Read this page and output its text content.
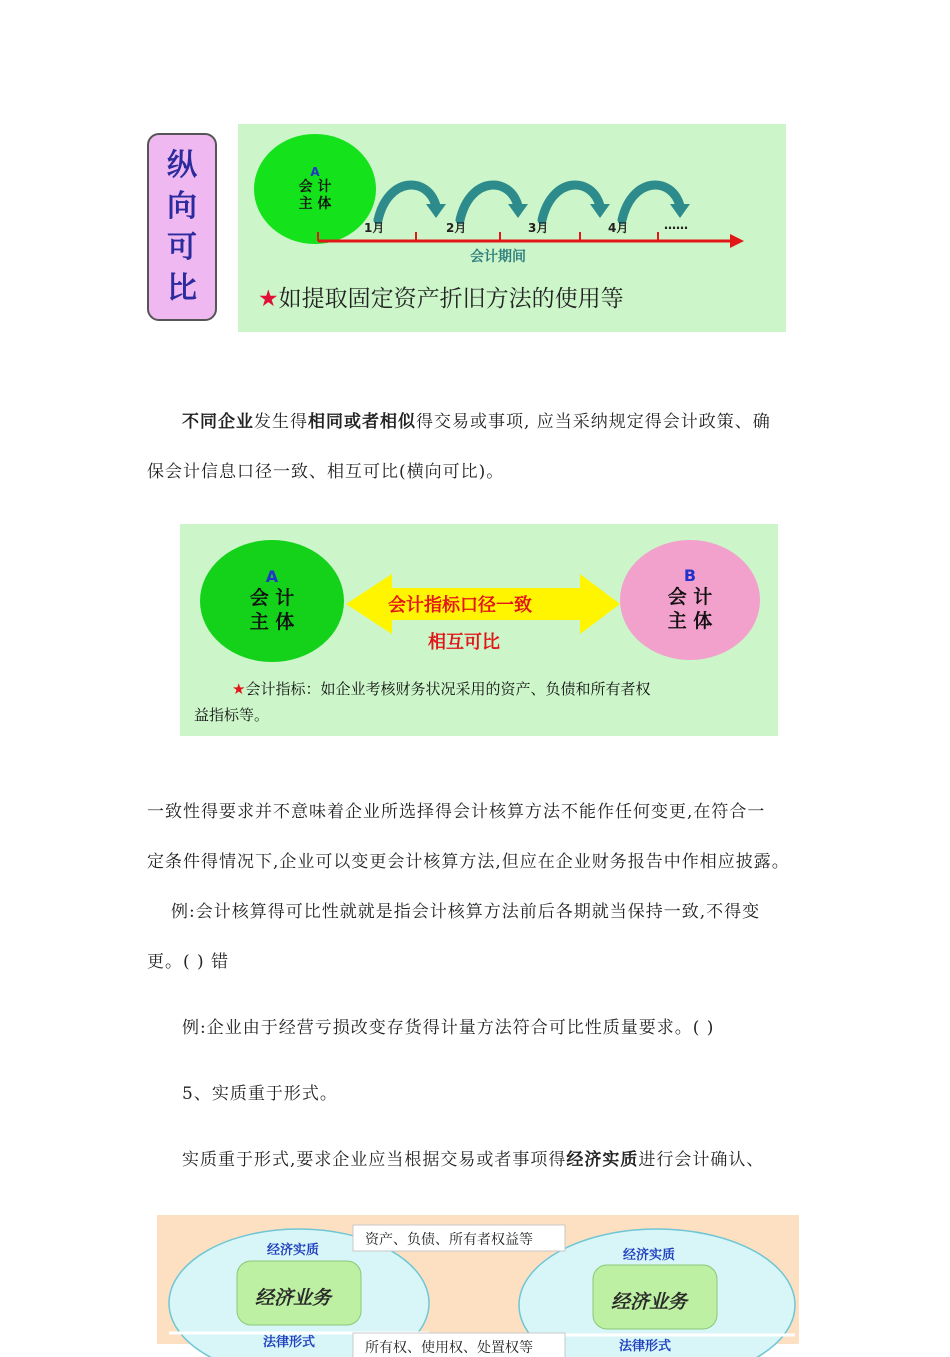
纵
向
可
比
A
会 计
主 体
1月	2月	3月	4月	……
会计期间
★如提取固定资产折旧方法的使用等
不同企业发生得相同或者相似得交易或事项, 应当采纳规定得会计政策、确
保会计信息口径一致、相互可比(横向可比)。
A
会 计
主 体
会计指标口径一致
相互可比
B
会 计
主 体
★会计指标：如企业考核财务状况采用的资产、负债和所有者权
益指标等。
一致性得要求并不意味着企业所选择得会计核算方法不能作任何变更,在符合一
定条件得情况下,企业可以变更会计核算方法,但应在企业财务报告中作相应披露。
例:会计核算得可比性就就是指会计核算方法前后各期就当保持一致,不得变
更。( ) 错
例:企业由于经营亏损改变存货得计量方法符合可比性质量要求。( )
5、实质重于形式。
实质重于形式,要求企业应当根据交易或者事项得经济实质进行会计确认、
资产、负债、所有者权益等
经济实质
经济业务
法律形式
经济实质
经济业务
法律形式
所有权、使用权、处置权等
